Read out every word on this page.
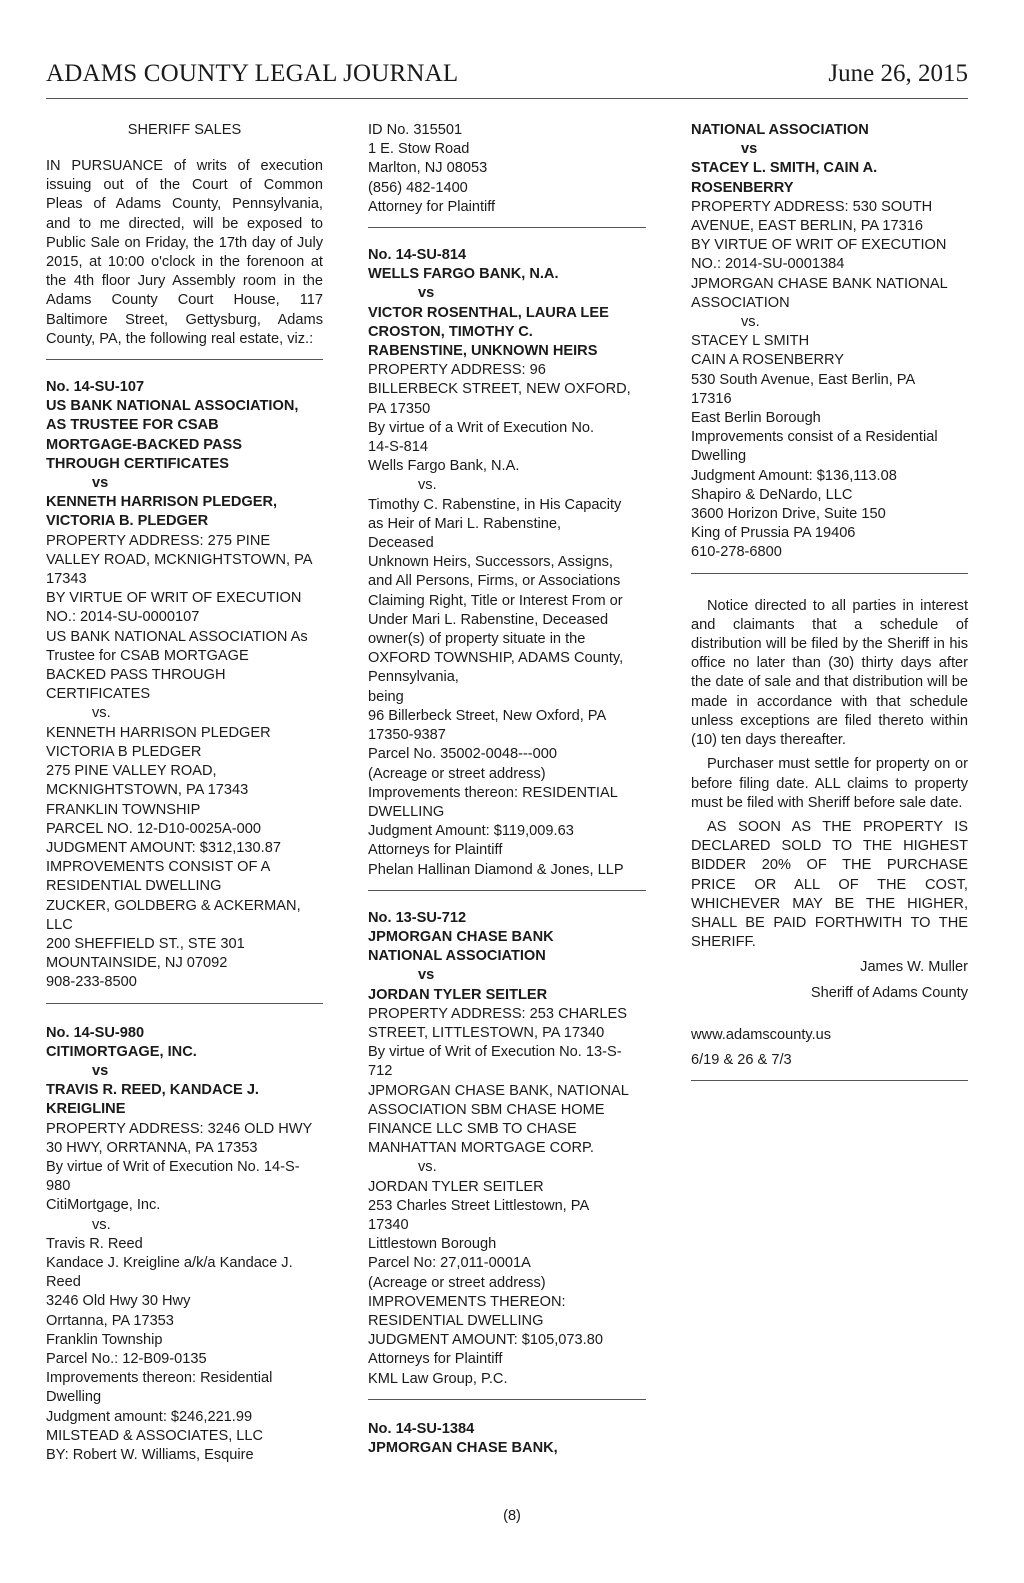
ADAMS COUNTY LEGAL JOURNAL	June 26, 2015
SHERIFF SALES
IN PURSUANCE of writs of execution
issuing out of the Court of Common
Pleas of Adams County, Pennsylvania,
and to me directed, will be exposed to
Public Sale on Friday, the 17th day of July
2015, at 10:00 o'clock in the forenoon at
the 4th floor Jury Assembly room in the
Adams County Court House, 117
Baltimore Street, Gettysburg, Adams
County, PA, the following real estate, viz.:
No. 14-SU-107
US BANK NATIONAL ASSOCIATION,
AS TRUSTEE FOR CSAB
MORTGAGE-BACKED PASS
THROUGH CERTIFICATES
vs
KENNETH HARRISON PLEDGER,
VICTORIA B. PLEDGER
PROPERTY ADDRESS: 275 PINE
VALLEY ROAD, MCKNIGHTSTOWN, PA
17343
BY VIRTUE OF WRIT OF EXECUTION
NO.: 2014-SU-0000107
US BANK NATIONAL ASSOCIATION As
Trustee for CSAB MORTGAGE
BACKED PASS THROUGH
CERTIFICATES
vs.
KENNETH HARRISON PLEDGER
VICTORIA B PLEDGER
275 PINE VALLEY ROAD,
MCKNIGHTSTOWN, PA 17343
FRANKLIN TOWNSHIP
PARCEL NO. 12-D10-0025A-000
JUDGMENT AMOUNT: $312,130.87
IMPROVEMENTS CONSIST OF A
RESIDENTIAL DWELLING
ZUCKER, GOLDBERG & ACKERMAN,
LLC
200 SHEFFIELD ST., STE 301
MOUNTAINSIDE, NJ 07092
908-233-8500
No. 14-SU-980
CITIMORTGAGE, INC.
vs
TRAVIS R. REED, KANDACE J.
KREIGLINE
PROPERTY ADDRESS: 3246 OLD HWY
30 HWY, ORRTANNA, PA 17353
By virtue of Writ of Execution No. 14-S-
980
CitiMortgage, Inc.
vs.
Travis R. Reed
Kandace J. Kreigline a/k/a Kandace J.
Reed
3246 Old Hwy 30 Hwy
Orrtanna, PA 17353
Franklin Township
Parcel No.: 12-B09-0135
Improvements thereon: Residential
Dwelling
Judgment amount: $246,221.99
MILSTEAD & ASSOCIATES, LLC
BY: Robert W. Williams, Esquire
ID No. 315501
1 E. Stow Road
Marlton, NJ 08053
(856) 482-1400
Attorney for Plaintiff
No. 14-SU-814
WELLS FARGO BANK, N.A.
vs
VICTOR ROSENTHAL, LAURA LEE
CROSTON, TIMOTHY C.
RABENSTINE, UNKNOWN HEIRS
PROPERTY ADDRESS: 96
BILLERBECK STREET, NEW OXFORD,
PA 17350
By virtue of a Writ of Execution No.
14-S-814
Wells Fargo Bank, N.A.
vs.
Timothy C. Rabenstine, in His Capacity
as Heir of Mari L. Rabenstine,
Deceased
Unknown Heirs, Successors, Assigns,
and All Persons, Firms, or Associations
Claiming Right, Title or Interest From or
Under Mari L. Rabenstine, Deceased
owner(s) of property situate in the
OXFORD TOWNSHIP, ADAMS County,
Pennsylvania,
being
96 Billerbeck Street, New Oxford, PA
17350-9387
Parcel No. 35002-0048---000
(Acreage or street address)
Improvements thereon: RESIDENTIAL
DWELLING
Judgment Amount: $119,009.63
Attorneys for Plaintiff
Phelan Hallinan Diamond & Jones, LLP
No. 13-SU-712
JPMORGAN CHASE BANK
NATIONAL ASSOCIATION
vs
JORDAN TYLER SEITLER
PROPERTY ADDRESS: 253 CHARLES
STREET, LITTLESTOWN, PA 17340
By virtue of Writ of Execution No. 13-S-
712
JPMORGAN CHASE BANK, NATIONAL
ASSOCIATION SBM CHASE HOME
FINANCE LLC SMB TO CHASE
MANHATTAN MORTGAGE CORP.
vs.
JORDAN TYLER SEITLER
253 Charles Street Littlestown, PA
17340
Littlestown Borough
Parcel No: 27,011-0001A
(Acreage or street address)
IMPROVEMENTS THEREON:
RESIDENTIAL DWELLING
JUDGMENT AMOUNT: $105,073.80
Attorneys for Plaintiff
KML Law Group, P.C.
No. 14-SU-1384
JPMORGAN CHASE BANK,
NATIONAL ASSOCIATION
vs
STACEY L. SMITH, CAIN A.
ROSENBERRY
PROPERTY ADDRESS: 530 SOUTH
AVENUE, EAST BERLIN, PA 17316
BY VIRTUE OF WRIT OF EXECUTION
NO.: 2014-SU-0001384
JPMORGAN CHASE BANK NATIONAL
ASSOCIATION
vs.
STACEY L SMITH
CAIN A ROSENBERRY
530 South Avenue, East Berlin, PA
17316
East Berlin Borough
Improvements consist of a Residential
Dwelling
Judgment Amount: $136,113.08
Shapiro & DeNardo, LLC
3600 Horizon Drive, Suite 150
King of Prussia PA 19406
610-278-6800
Notice directed to all parties in interest and claimants that a schedule of distribution will be filed by the Sheriff in his office no later than (30) thirty days after the date of sale and that distribution will be made in accordance with that schedule unless exceptions are filed thereto within (10) ten days thereafter.
Purchaser must settle for property on or before filing date. ALL claims to property must be filed with Sheriff before sale date.
AS SOON AS THE PROPERTY IS DECLARED SOLD TO THE HIGHEST BIDDER 20% OF THE PURCHASE PRICE OR ALL OF THE COST, WHICHEVER MAY BE THE HIGHER, SHALL BE PAID FORTHWITH TO THE SHERIFF.
James W. Muller
Sheriff of Adams County
www.adamscounty.us
6/19 & 26 & 7/3
(8)
